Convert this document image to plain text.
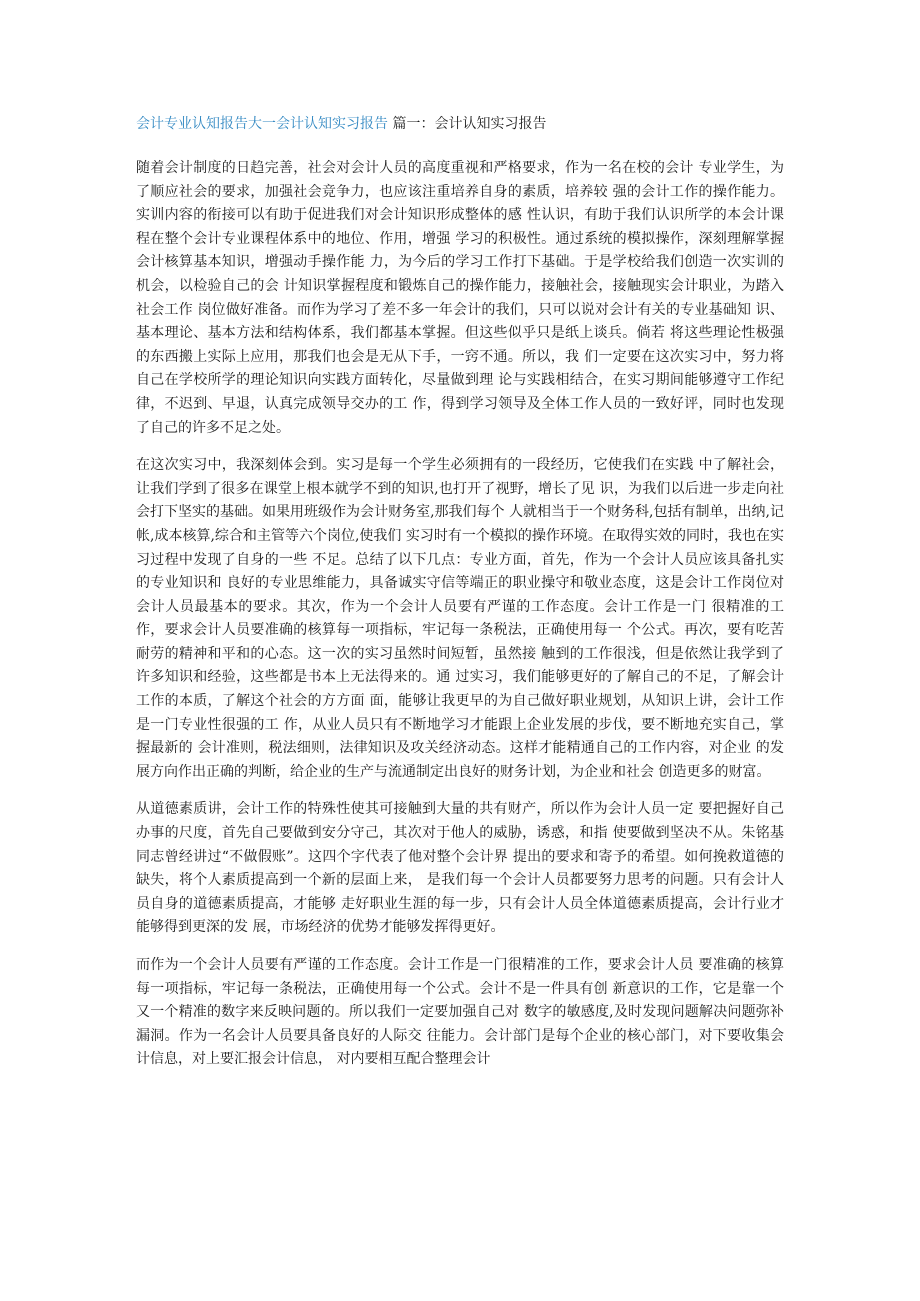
会计专业认知报告大一会计认知实习报告 篇一：会计认知实习报告

随着会计制度的日趋完善，社会对会计人员的高度重视和严格要求，作为一名在校的会计 专业学生，为了顺应社会的要求，加强社会竞争力，也应该注重培养自身的素质，培养较 强的会计工作的操作能力。实训内容的衔接可以有助于促进我们对会计知识形成整体的感 性认识，有助于我们认识所学的本会计课程在整个会计专业课程体系中的地位、作用，增强 学习的积极性。通过系统的模拟操作，深刻理解掌握会计核算基本知识，增强动手操作能 力，为今后的学习工作打下基础。于是学校给我们创造一次实训的机会，以检验自己的会 计知识掌握程度和锻炼自己的操作能力，接触社会，接触现实会计职业，为踏入社会工作 岗位做好准备。而作为学习了差不多一年会计的我们，只可以说对会计有关的专业基础知 识、基本理论、基本方法和结构体系，我们都基本掌握。但这些似乎只是纸上谈兵。倘若 将这些理论性极强的东西搬上实际上应用，那我们也会是无从下手，一窍不通。所以，我 们一定要在这次实习中，努力将自己在学校所学的理论知识向实践方面转化，尽量做到理 论与实践相结合，在实习期间能够遵守工作纪律，不迟到、早退，认真完成领导交办的工 作，得到学习领导及全体工作人员的一致好评，同时也发现了自己的许多不足之处。

在这次实习中，我深刻体会到。实习是每一个学生必须拥有的一段经历，它使我们在实践 中了解社会，让我们学到了很多在课堂上根本就学不到的知识,也打开了视野，增长了见 识，为我们以后进一步走向社会打下坚实的基础。如果用班级作为会计财务室,那我们每个 人就相当于一个财务科,包括有制单，出纳,记帐,成本核算,综合和主管等六个岗位,使我们 实习时有一个模拟的操作环境。在取得实效的同时，我也在实习过程中发现了自身的一些 不足。总结了以下几点：专业方面，首先，作为一个会计人员应该具备扎实的专业知识和 良好的专业思维能力，具备诚实守信等端正的职业操守和敬业态度，这是会计工作岗位对 会计人员最基本的要求。其次，作为一个会计人员要有严谨的工作态度。会计工作是一门 很精准的工作，要求会计人员要准确的核算每一项指标，牢记每一条税法，正确使用每一 个公式。再次，要有吃苦耐劳的精神和平和的心态。这一次的实习虽然时间短暂，虽然接 触到的工作很浅，但是依然让我学到了许多知识和经验，这些都是书本上无法得来的。通 过实习，我们能够更好的了解自己的不足，了解会计工作的本质，了解这个社会的方方面 面，能够让我更早的为自己做好职业规划，从知识上讲，会计工作是一门专业性很强的工 作，从业人员只有不断地学习才能跟上企业发展的步伐，要不断地充实自己，掌握最新的 会计准则，税法细则，法律知识及攻关经济动态。这样才能精通自己的工作内容，对企业 的发展方向作出正确的判断，给企业的生产与流通制定出良好的财务计划，为企业和社会 创造更多的财富。

从道德素质讲，会计工作的特殊性使其可接触到大量的共有财产，所以作为会计人员一定 要把握好自己办事的尺度，首先自己要做到安分守己，其次对于他人的威胁，诱惑，和指 使要做到坚决不从。朱铭基同志曾经讲过“不做假账”。这四个字代表了他对整个会计界 提出的要求和寄予的希望。如何挽救道德的缺失，将个人素质提高到一个新的层面上来， 是我们每一个会计人员都要努力思考的问题。只有会计人员自身的道德素质提高，才能够 走好职业生涯的每一步，只有会计人员全体道德素质提高，会计行业才能够得到更深的发 展，市场经济的优势才能够发挥得更好。

而作为一个会计人员要有严谨的工作态度。会计工作是一门很精准的工作，要求会计人员 要准确的核算每一项指标，牢记每一条税法，正确使用每一个公式。会计不是一件具有创 新意识的工作，它是靠一个又一个精准的数字来反映问题的。所以我们一定要加强自己对 数字的敏感度,及时发现问题解决问题弥补漏洞。作为一名会计人员要具备良好的人际交 往能力。会计部门是每个企业的核心部门，对下要收集会计信息，对上要汇报会计信息， 对内要相互配合整理会计
